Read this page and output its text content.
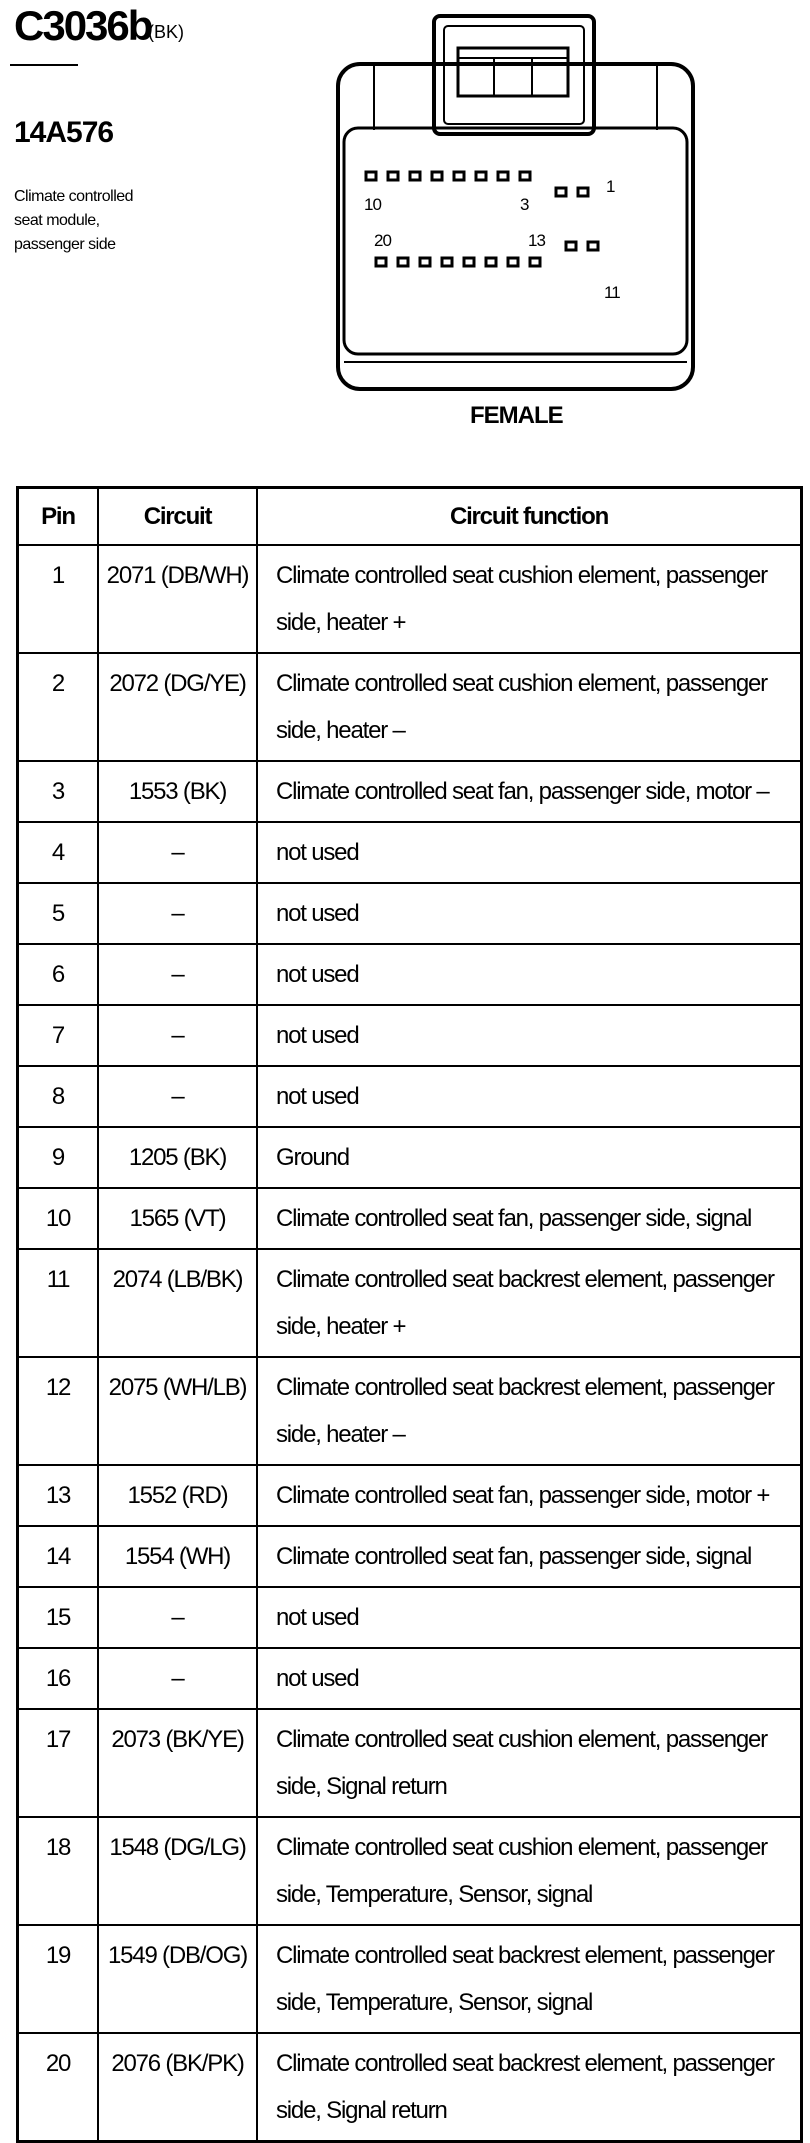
C3036b
(BK)
14A576
Climate controlled seat module, passenger side
1
3
10
20	13
11
FEMALE
Pin	Circuit	Circuit function
1	2071 (DB/WH)	Climate controlled seat cushion element, passenger side, heater +
2	2072 (DG/YE)	Climate controlled seat cushion element, passenger side, heater –
3	1553 (BK)	Climate controlled seat fan, passenger side, motor –
4	–	not used
5	–	not used
6	–	not used
7	–	not used
8	–	not used
9	1205 (BK)	Ground
10	1565 (VT)	Climate controlled seat fan, passenger side, signal
11	2074 (LB/BK)	Climate controlled seat backrest element, passenger side, heater +
12	2075 (WH/LB)	Climate controlled seat backrest element, passenger side, heater –
13	1552 (RD)	Climate controlled seat fan, passenger side, motor +
14	1554 (WH)	Climate controlled seat fan, passenger side, signal
15	–	not used
16	–	not used
17	2073 (BK/YE)	Climate controlled seat cushion element, passenger side, Signal return
18	1548 (DG/LG)	Climate controlled seat cushion element, passenger side, Temperature, Sensor, signal
19	1549 (DB/OG)	Climate controlled seat backrest element, passenger side, Temperature, Sensor, signal
20	2076 (BK/PK)	Climate controlled seat backrest element, passenger side, Signal return
